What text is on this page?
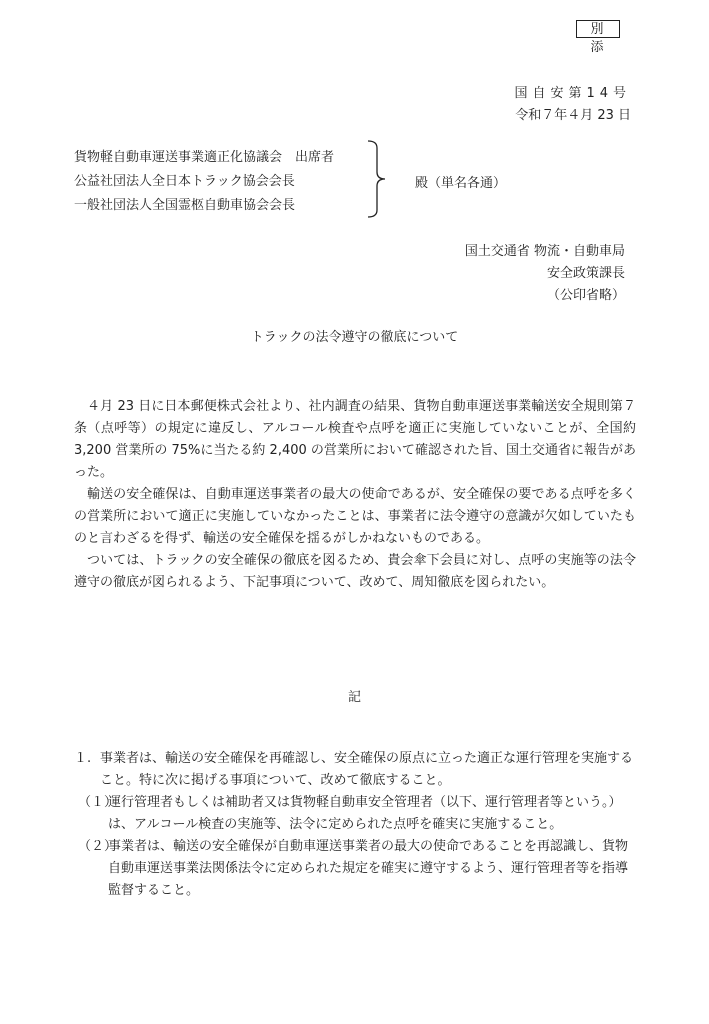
別 添
国自安第14号
令和７年４月 23 日
貨物軽自動車運送事業適正化協議会　出席者
公益社団法人全日本トラック協会会長
一般社団法人全国霊柩自動車協会会長
殿（単名各通）
国土交通省 物流・自動車局
安全政策課長
（公印省略）
トラックの法令遵守の徹底について

４月 23 日に日本郵便株式会社より、社内調査の結果、貨物自動車運送事業輸送安全規則第７条（点呼等）の規定に違反し、アルコール検査や点呼を適正に実施していないことが、全国約 3,200 営業所の 75%に当たる約 2,400 の営業所において確認された旨、国土交通省に報告があった。

輸送の安全確保は、自動車運送事業者の最大の使命であるが、安全確保の要である点呼を多くの営業所において適正に実施していなかったことは、事業者に法令遵守の意識が欠如していたものと言わざるを得ず、輸送の安全確保を揺るがしかねないものである。

ついては、トラックの安全確保の徹底を図るため、貴会傘下会員に対し、点呼の実施等の法令遵守の徹底が図られるよう、下記事項について、改めて、周知徹底を図られたい。

記
１. 事業者は、輸送の安全確保を再確認し、安全確保の原点に立った適正な運行管理を実施すること。特に次に掲げる事項について、改めて徹底すること。
（１）
運行管理者もしくは補助者又は貨物軽自動車安全管理者（以下、運行管理者等という。）は、アルコール検査の実施等、法令に定められた点呼を確実に実施すること。
（２）
事業者は、輸送の安全確保が自動車運送事業者の最大の使命であることを再認識し、貨物自動車運送事業法関係法令に定められた規定を確実に遵守するよう、運行管理者等を指導監督すること。
